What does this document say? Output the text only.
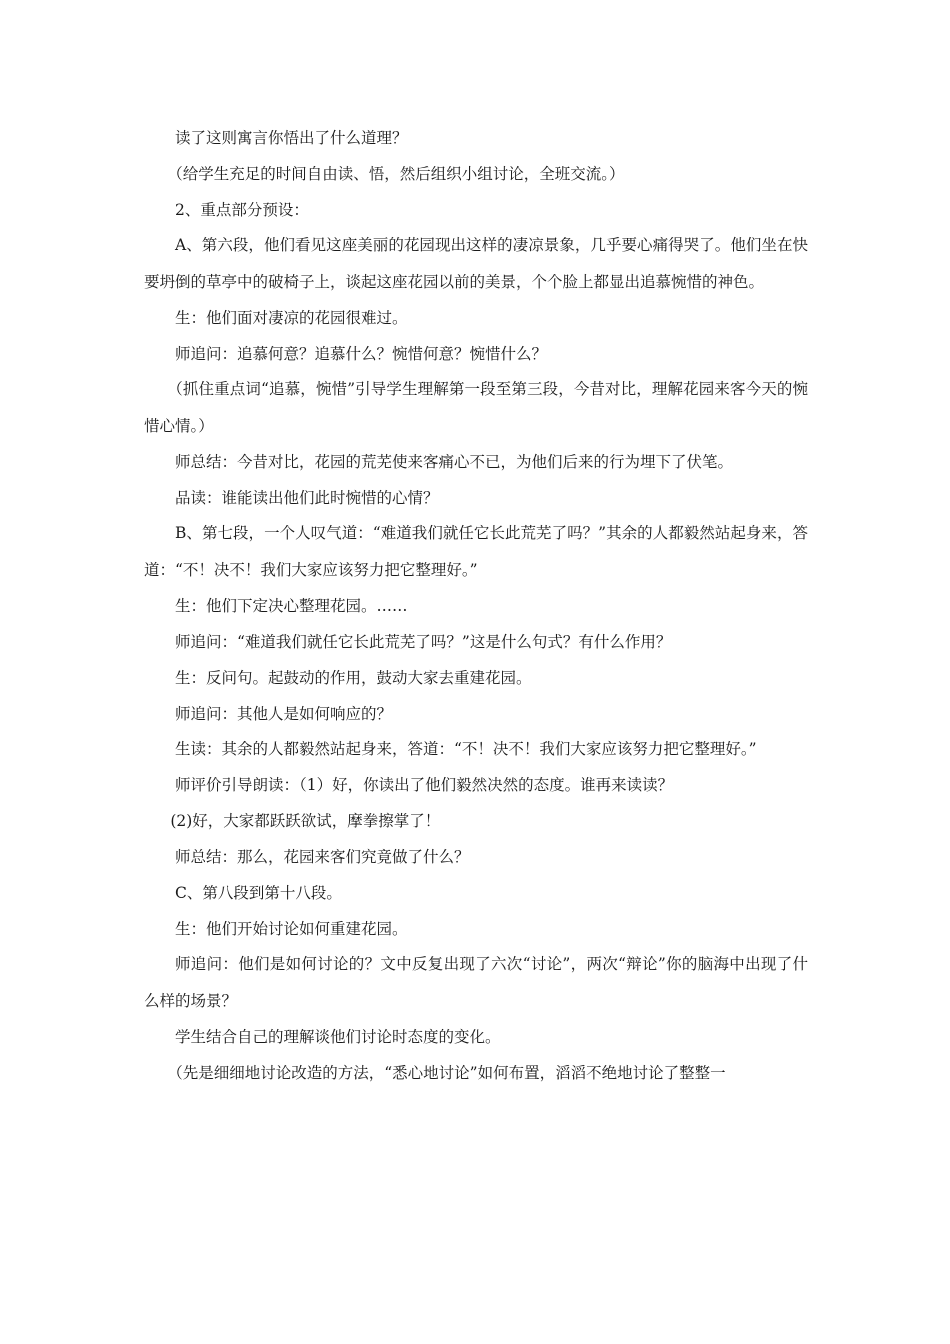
读了这则寓言你悟出了什么道理？

（给学生充足的时间自由读、悟，然后组织小组讨论，全班交流。）

2、重点部分预设：

A、第六段，他们看见这座美丽的花园现出这样的凄凉景象，几乎要心痛得哭了。他们坐在快要坍倒的草亭中的破椅子上，谈起这座花园以前的美景，个个脸上都显出追慕惋惜的神色。

生：他们面对凄凉的花园很难过。

师追问：追慕何意？追慕什么？惋惜何意？惋惜什么？

（抓住重点词“追慕，惋惜”引导学生理解第一段至第三段，今昔对比，理解花园来客今天的惋惜心情。）

师总结：今昔对比，花园的荒芜使来客痛心不已，为他们后来的行为埋下了伏笔。

品读：谁能读出他们此时惋惜的心情？

B、第七段，一个人叹气道：“难道我们就任它长此荒芜了吗？”其余的人都毅然站起身来，答道：“不！决不！我们大家应该努力把它整理好。”

生：他们下定决心整理花园。……

师追问：“难道我们就任它长此荒芜了吗？”这是什么句式？有什么作用？

生：反问句。起鼓动的作用，鼓动大家去重建花园。

师追问：其他人是如何响应的？

生读：其余的人都毅然站起身来，答道：“不！决不！我们大家应该努力把它整理好。”

师评价引导朗读：（1）好，你读出了他们毅然决然的态度。谁再来读读？

(2)好，大家都跃跃欲试，摩拳擦掌了！

师总结：那么，花园来客们究竟做了什么？

C、第八段到第十八段。

生：他们开始讨论如何重建花园。

师追问：他们是如何讨论的？文中反复出现了六次“讨论”，两次“辩论”你的脑海中出现了什么样的场景？

学生结合自己的理解谈他们讨论时态度的变化。

（先是细细地讨论改造的方法，“悉心地讨论”如何布置，滔滔不绝地讨论了整整一
